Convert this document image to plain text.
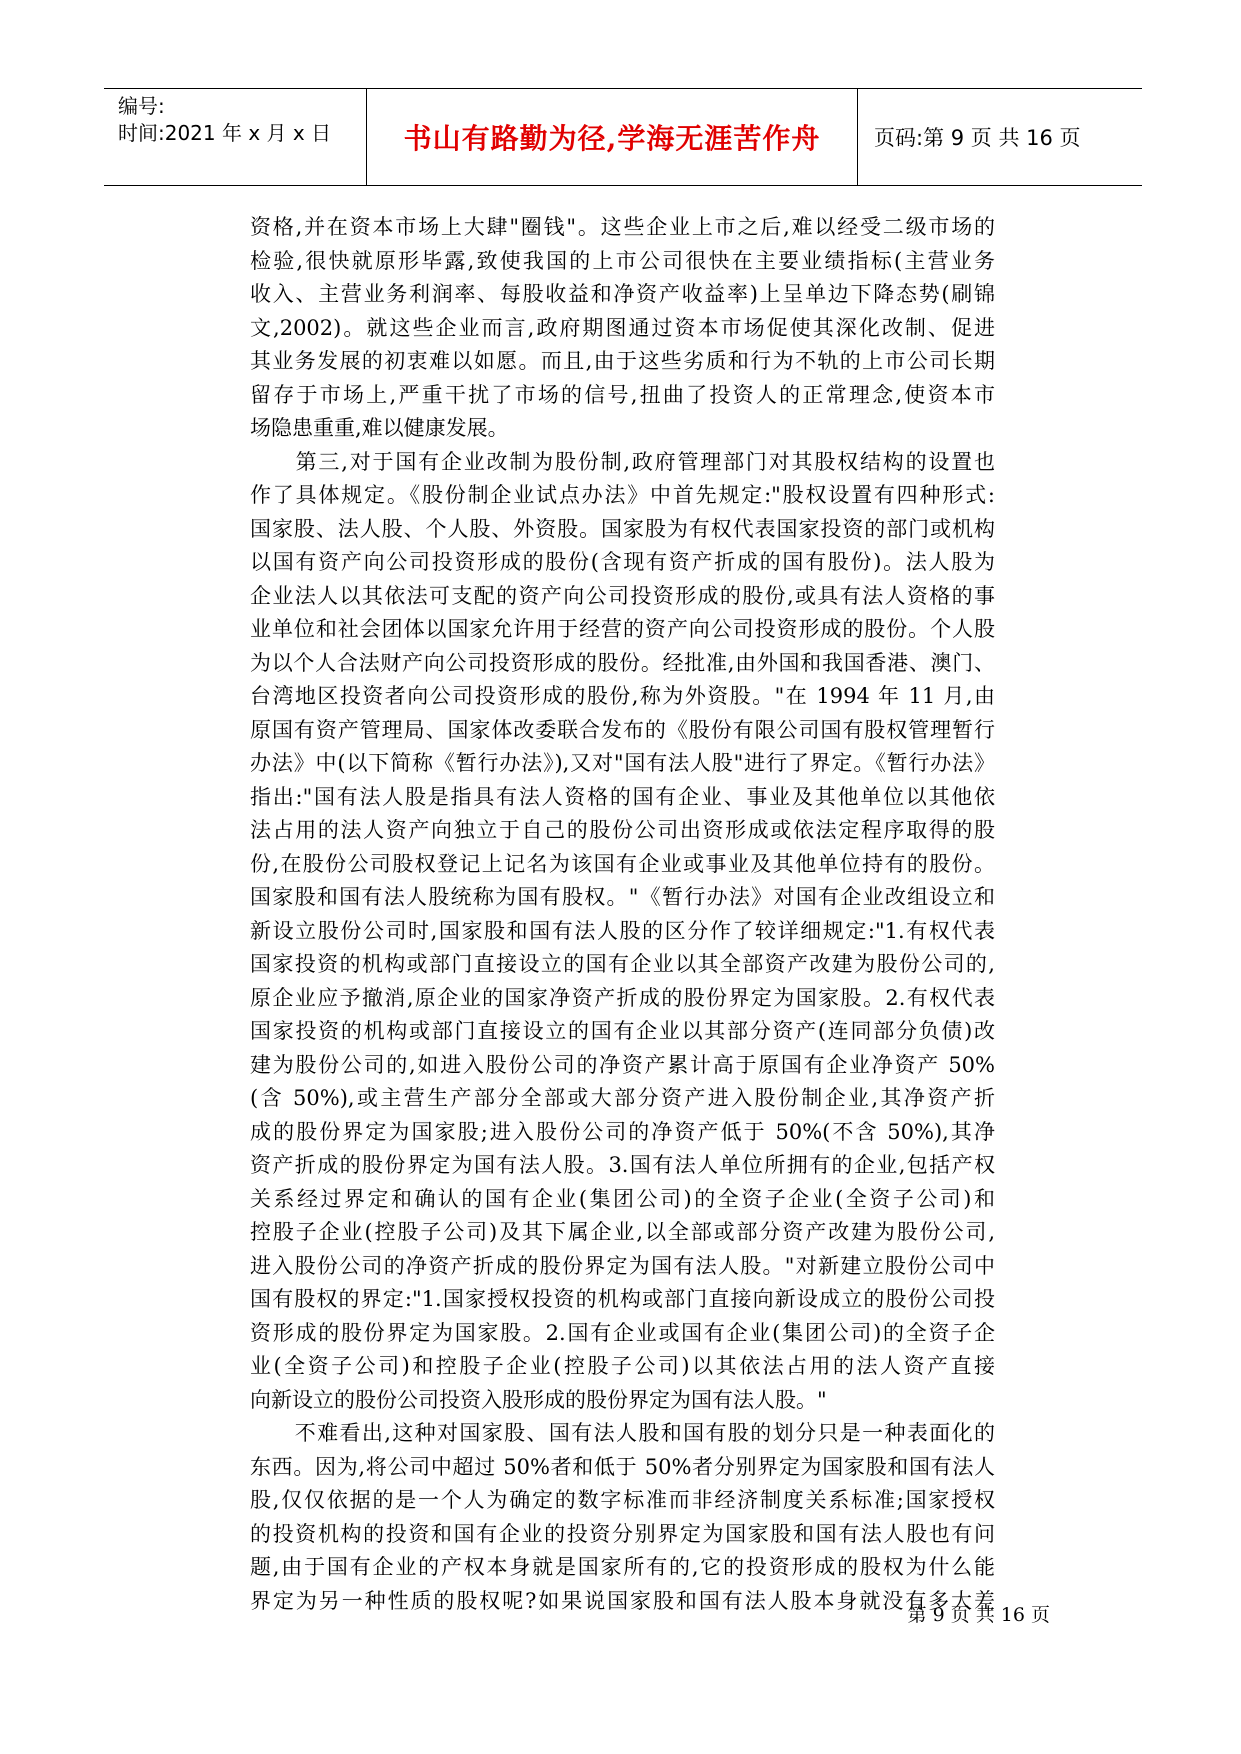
编号:
时间:2021 年 x 月 x 日	书山有路勤为径,学海无涯苦作舟	页码:第 9 页 共 16 页
资格,并在资本市场上大肆"圈钱"。这些企业上市之后,难以经受二级市场的
检验,很快就原形毕露,致使我国的上市公司很快在主要业绩指标(主营业务
收入、主营业务利润率、每股收益和净资产收益率)上呈单边下降态势(刷锦
文,2002)。就这些企业而言,政府期图通过资本市场促使其深化改制、促进
其业务发展的初衷难以如愿。而且,由于这些劣质和行为不轨的上市公司长期
留存于市场上,严重干扰了市场的信号,扭曲了投资人的正常理念,使资本市
场隐患重重,难以健康发展。
　　第三,对于国有企业改制为股份制,政府管理部门对其股权结构的设置也
作了具体规定。《股份制企业试点办法》中首先规定:"股权设置有四种形式:
国家股、法人股、个人股、外资股。国家股为有权代表国家投资的部门或机构
以国有资产向公司投资形成的股份(含现有资产折成的国有股份)。法人股为
企业法人以其依法可支配的资产向公司投资形成的股份,或具有法人资格的事
业单位和社会团体以国家允许用于经营的资产向公司投资形成的股份。个人股
为以个人合法财产向公司投资形成的股份。经批准,由外国和我国香港、澳门、
台湾地区投资者向公司投资形成的股份,称为外资股。"在 1994 年 11 月,由
原国有资产管理局、国家体改委联合发布的《股份有限公司国有股权管理暂行
办法》中(以下简称《暂行办法》),又对"国有法人股"进行了界定。《暂行办法》
指出:"国有法人股是指具有法人资格的国有企业、事业及其他单位以其他依
法占用的法人资产向独立于自己的股份公司出资形成或依法定程序取得的股
份,在股份公司股权登记上记名为该国有企业或事业及其他单位持有的股份。
国家股和国有法人股统称为国有股权。"《暂行办法》对国有企业改组设立和
新设立股份公司时,国家股和国有法人股的区分作了较详细规定:"1.有权代表
国家投资的机构或部门直接设立的国有企业以其全部资产改建为股份公司的,
原企业应予撤消,原企业的国家净资产折成的股份界定为国家股。2.有权代表
国家投资的机构或部门直接设立的国有企业以其部分资产(连同部分负债)改
建为股份公司的,如进入股份公司的净资产累计高于原国有企业净资产 50%
(含 50%),或主营生产部分全部或大部分资产进入股份制企业,其净资产折
成的股份界定为国家股;进入股份公司的净资产低于 50%(不含 50%),其净
资产折成的股份界定为国有法人股。3.国有法人单位所拥有的企业,包括产权
关系经过界定和确认的国有企业(集团公司)的全资子企业(全资子公司)和
控股子企业(控股子公司)及其下属企业,以全部或部分资产改建为股份公司,
进入股份公司的净资产折成的股份界定为国有法人股。"对新建立股份公司中
国有股权的界定:"1.国家授权投资的机构或部门直接向新设成立的股份公司投
资形成的股份界定为国家股。2.国有企业或国有企业(集团公司)的全资子企
业(全资子公司)和控股子企业(控股子公司)以其依法占用的法人资产直接
向新设立的股份公司投资入股形成的股份界定为国有法人股。"
　　不难看出,这种对国家股、国有法人股和国有股的划分只是一种表面化的
东西。因为,将公司中超过 50%者和低于 50%者分别界定为国家股和国有法人
股,仅仅依据的是一个人为确定的数字标准而非经济制度关系标准;国家授权
的投资机构的投资和国有企业的投资分别界定为国家股和国有法人股也有问
题,由于国有企业的产权本身就是国家所有的,它的投资形成的股权为什么能
界定为另一种性质的股权呢?如果说国家股和国有法人股本身就没有多大差
第 9 页 共 16 页
